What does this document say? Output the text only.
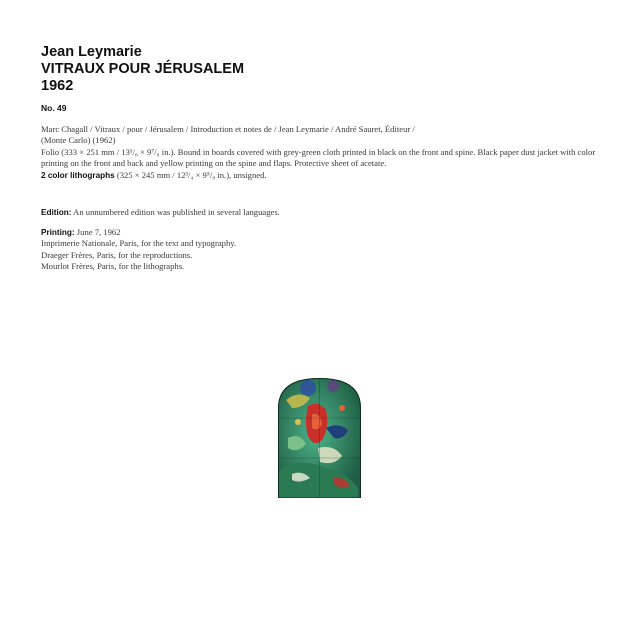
Jean Leymarie
VITRAUX POUR JÉRUSALEM
1962
No. 49
Marc Chagall / Vitraux / pour / Jérusalem / Introduction et notes de / Jean Leymarie / André Sauret, Éditeur /
(Monte Carlo) (1962)
Folio (333 × 251 mm / 13¹/₈ × 9⁷/₈ in.). Bound in boards covered with grey-green cloth printed in black on the front and spine. Black paper dust jacket with color printing on the front and back and yellow printing on the spine and flaps. Protective sheet of acetate.
2 color lithographs (325 × 245 mm / 12³/₄ × 9⁵/₈ in.), unsigned.
Edition: An unnumbered edition was published in several languages.
Printing: June 7, 1962
Imprimerie Nationale, Paris, for the text and typography.
Draeger Frères, Paris, for the reproductions.
Mourlot Frères, Paris, for the lithographs.
